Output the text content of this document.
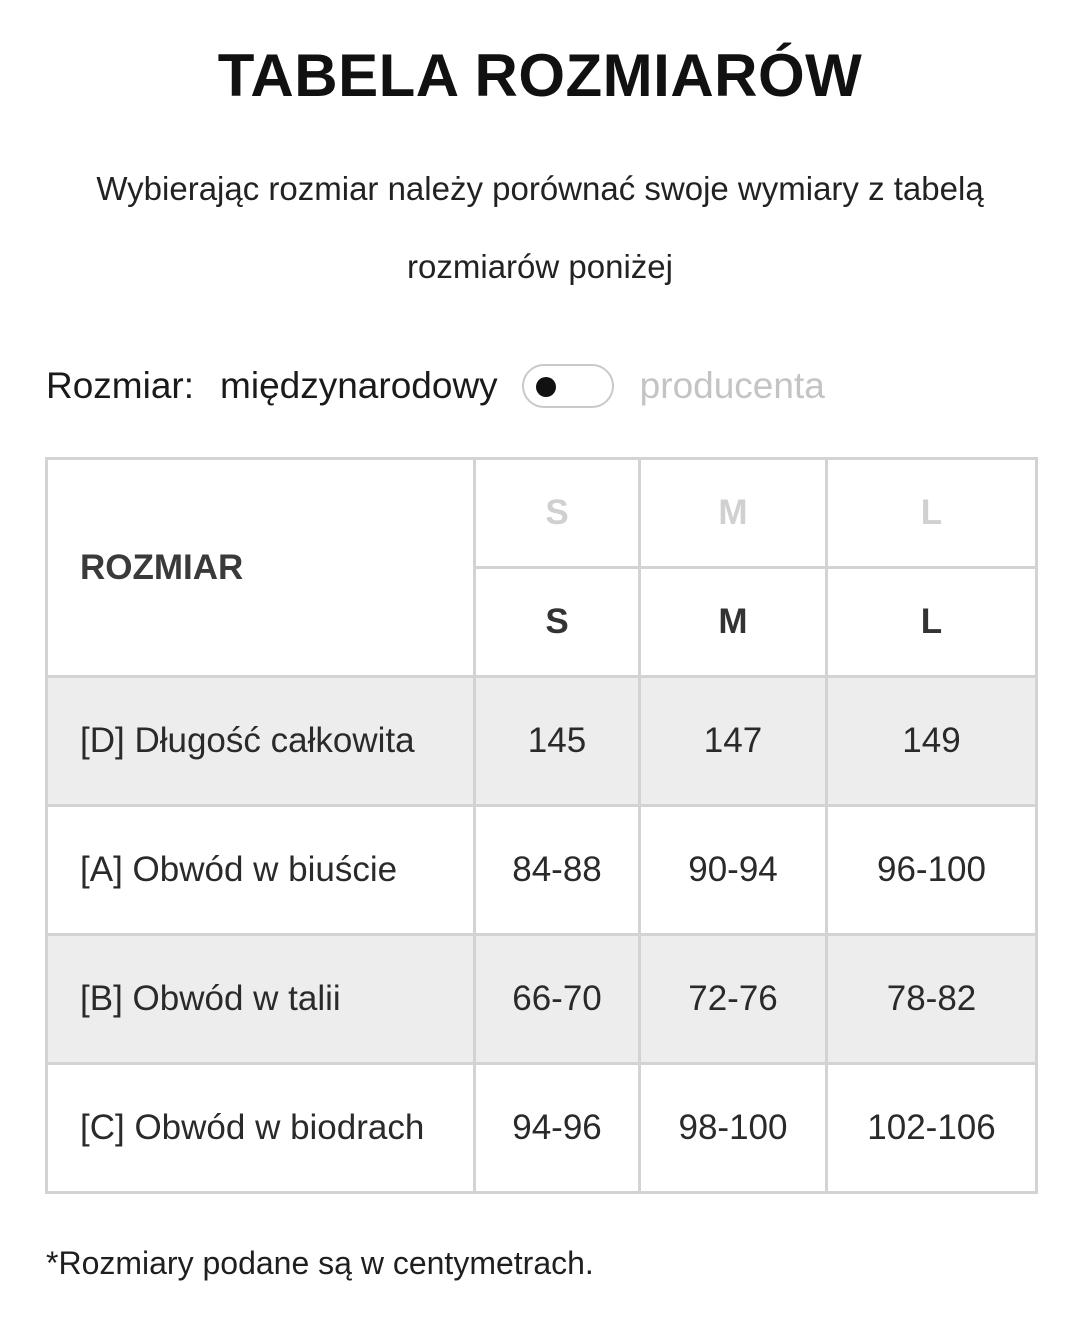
TABELA ROZMIARÓW
Wybierając rozmiar należy porównać swoje wymiary z tabelą rozmiarów poniżej
Rozmiar: międzynarodowy	producenta
ROZMIAR	S	M	L
	S	M	L
[D] Długość całkowita	145	147	149
[A] Obwód w biuście	84-88	90-94	96-100
[B] Obwód w talii	66-70	72-76	78-82
[C] Obwód w biodrach	94-96	98-100	102-106
*Rozmiary podane są w centymetrach.
